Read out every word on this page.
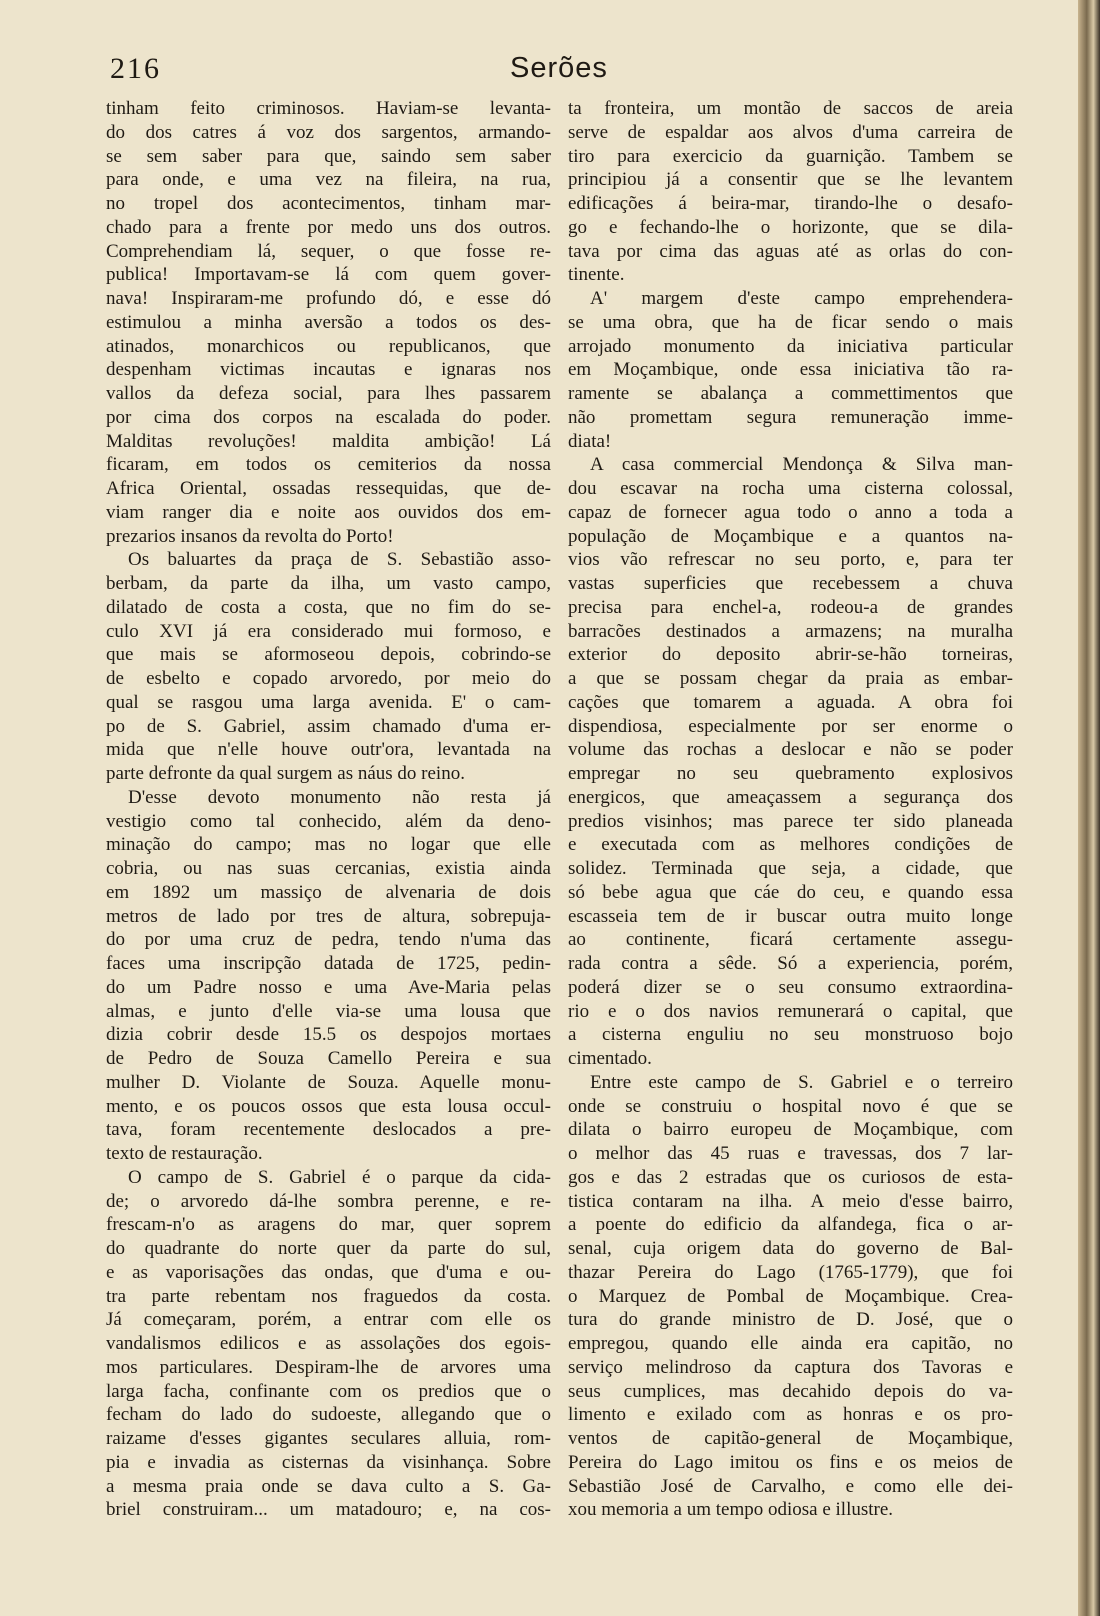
216	Serões
tinham feito criminosos. Haviam-se levanta-
do dos catres á voz dos sargentos, armando-
se sem saber para que, saindo sem saber
para onde, e uma vez na fileira, na rua,
no tropel dos acontecimentos, tinham mar-
chado para a frente por medo uns dos outros.
Comprehendiam lá, sequer, o que fosse re-
publica! Importavam-se lá com quem gover-
nava! Inspiraram-me profundo dó, e esse dó
estimulou a minha aversão a todos os des-
atinados, monarchicos ou republicanos, que
despenham victimas incautas e ignaras nos
vallos da defeza social, para lhes passarem
por cima dos corpos na escalada do poder.
Malditas revoluções! maldita ambição! Lá
ficaram, em todos os cemiterios da nossa
Africa Oriental, ossadas ressequidas, que de-
viam ranger dia e noite aos ouvidos dos em-
prezarios insanos da revolta do Porto!
Os baluartes da praça de S. Sebastião asso-
berbam, da parte da ilha, um vasto campo,
dilatado de costa a costa, que no fim do se-
culo XVI já era considerado mui formoso, e
que mais se aformoseou depois, cobrindo-se
de esbelto e copado arvoredo, por meio do
qual se rasgou uma larga avenida. E' o cam-
po de S. Gabriel, assim chamado d'uma er-
mida que n'elle houve outr'ora, levantada na
parte defronte da qual surgem as náus do reino.
D'esse devoto monumento não resta já
vestigio como tal conhecido, além da deno-
minação do campo; mas no logar que elle
cobria, ou nas suas cercanias, existia ainda
em 1892 um massiço de alvenaria de dois
metros de lado por tres de altura, sobrepuja-
do por uma cruz de pedra, tendo n'uma das
faces uma inscripção datada de 1725, pedin-
do um Padre nosso e uma Ave-Maria pelas
almas, e junto d'elle via-se uma lousa que
dizia cobrir desde 15.5 os despojos mortaes
de Pedro de Souza Camello Pereira e sua
mulher D. Violante de Souza. Aquelle monu-
mento, e os poucos ossos que esta lousa occul-
tava, foram recentemente deslocados a pre-
texto de restauração.
O campo de S. Gabriel é o parque da cida-
de; o arvoredo dá-lhe sombra perenne, e re-
frescam-n'o as aragens do mar, quer soprem
do quadrante do norte quer da parte do sul,
e as vaporisações das ondas, que d'uma e ou-
tra parte rebentam nos fraguedos da costa.
Já começaram, porém, a entrar com elle os
vandalismos edilicos e as assolações dos egois-
mos particulares. Despiram-lhe de arvores uma
larga facha, confinante com os predios que o
fecham do lado do sudoeste, allegando que o
raizame d'esses gigantes seculares alluia, rom-
pia e invadia as cisternas da visinhança. Sobre
a mesma praia onde se dava culto a S. Ga-
briel construiram... um matadouro; e, na cos-
ta fronteira, um montão de saccos de areia
serve de espaldar aos alvos d'uma carreira de
tiro para exercicio da guarnição. Tambem se
principiou já a consentir que se lhe levantem
edificações á beira-mar, tirando-lhe o desafo-
go e fechando-lhe o horizonte, que se dila-
tava por cima das aguas até as orlas do con-
tinente.
A' margem d'este campo emprehendera-
se uma obra, que ha de ficar sendo o mais
arrojado monumento da iniciativa particular
em Moçambique, onde essa iniciativa tão ra-
ramente se abalança a commettimentos que
não promettam segura remuneração imme-
diata!
A casa commercial Mendonça & Silva man-
dou escavar na rocha uma cisterna colossal,
capaz de fornecer agua todo o anno a toda a
população de Moçambique e a quantos na-
vios vão refrescar no seu porto, e, para ter
vastas superficies que recebessem a chuva
precisa para enchel-a, rodeou-a de grandes
barracões destinados a armazens; na muralha
exterior do deposito abrir-se-hão torneiras,
a que se possam chegar da praia as embar-
cações que tomarem a aguada. A obra foi
dispendiosa, especialmente por ser enorme o
volume das rochas a deslocar e não se poder
empregar no seu quebramento explosivos
energicos, que ameaçassem a segurança dos
predios visinhos; mas parece ter sido planeada
e executada com as melhores condições de
solidez. Terminada que seja, a cidade, que
só bebe agua que cáe do ceu, e quando essa
escasseia tem de ir buscar outra muito longe
ao continente, ficará certamente assegu-
rada contra a sêde. Só a experiencia, porém,
poderá dizer se o seu consumo extraordina-
rio e o dos navios remunerará o capital, que
a cisterna enguliu no seu monstruoso bojo
cimentado.
Entre este campo de S. Gabriel e o terreiro
onde se construiu o hospital novo é que se
dilata o bairro europeu de Moçambique, com
o melhor das 45 ruas e travessas, dos 7 lar-
gos e das 2 estradas que os curiosos de esta-
tistica contaram na ilha. A meio d'esse bairro,
a poente do edificio da alfandega, fica o ar-
senal, cuja origem data do governo de Bal-
thazar Pereira do Lago (1765-1779), que foi
o Marquez de Pombal de Moçambique. Crea-
tura do grande ministro de D. José, que o
empregou, quando elle ainda era capitão, no
serviço melindroso da captura dos Tavoras e
seus cumplices, mas decahido depois do va-
limento e exilado com as honras e os pro-
ventos de capitão-general de Moçambique,
Pereira do Lago imitou os fins e os meios de
Sebastião José de Carvalho, e como elle dei-
xou memoria a um tempo odiosa e illustre.
